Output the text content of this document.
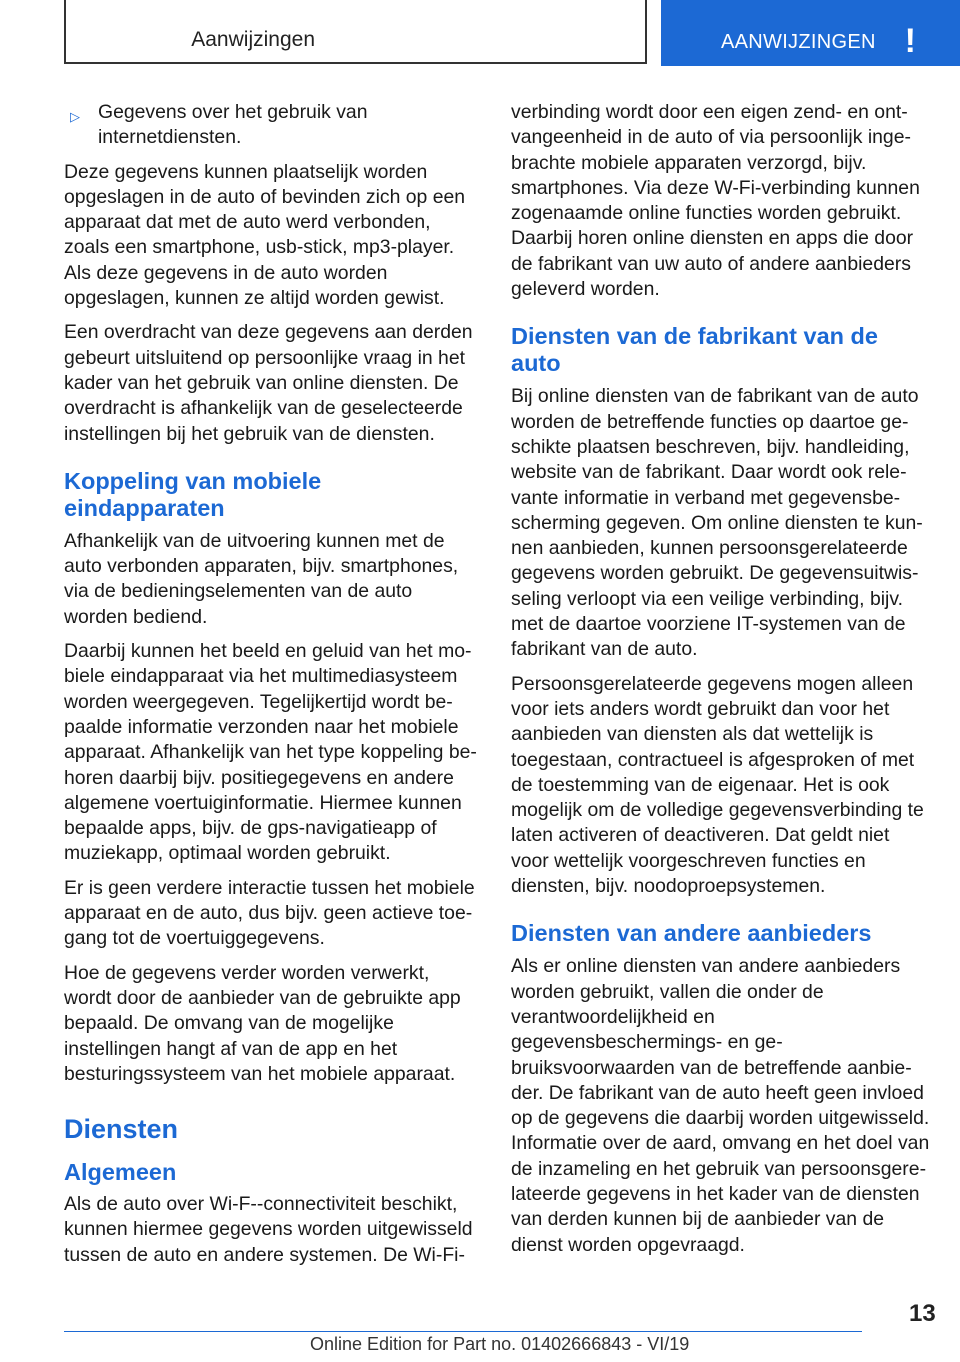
Aanwijzingen	AANWIJZINGEN !
▷ Gegevens over het gebruik van internetdiensten.

Deze gegevens kunnen plaatselijk worden opgeslagen in de auto of bevinden zich op een apparaat dat met de auto werd verbonden, zoals een smartphone, usb-stick, mp3-player. Als deze gegevens in de auto worden opgeslagen, kunnen ze altijd worden gewist.

Een overdracht van deze gegevens aan derden gebeurt uitsluitend op persoonlijke vraag in het kader van het gebruik van online diensten. De overdracht is afhankelijk van de geselecteerde instellingen bij het gebruik van de diensten.

Koppeling van mobiele eindapparaten

Afhankelijk van de uitvoering kunnen met de auto verbonden apparaten, bijv. smartphones, via de bedieningselementen van de auto worden bediend.

Daarbij kunnen het beeld en geluid van het mobiele eindapparaat via het multimediasysteem worden weergegeven. Tegelijkertijd wordt bepaalde informatie verzonden naar het mobiele apparaat. Afhankelijk van het type koppeling behoren daarbij bijv. positiegegevens en andere algemene voertuiginformatie. Hiermee kunnen bepaalde apps, bijv. de gps-navigatieapp of muziekapp, optimaal worden gebruikt.

Er is geen verdere interactie tussen het mobiele apparaat en de auto, dus bijv. geen actieve toegang tot de voertuiggegevens.

Hoe de gegevens verder worden verwerkt, wordt door de aanbieder van de gebruikte app bepaald. De omvang van de mogelijke instellingen hangt af van de app en het besturingssysteem van het mobiele apparaat.

Diensten
Algemeen

Als de auto over Wi-F--connectiviteit beschikt, kunnen hiermee gegevens worden uitgewisseld tussen de auto en andere systemen. De Wi-Fi-

verbinding wordt door een eigen zend- en ontvangeenheid in de auto of via persoonlijk ingebrachte mobiele apparaten verzorgd, bijv. smartphones. Via deze W-Fi-verbinding kunnen zogenaamde online functies worden gebruikt. Daarbij horen online diensten en apps die door de fabrikant van uw auto of andere aanbieders geleverd worden.

Diensten van de fabrikant van de auto

Bij online diensten van de fabrikant van de auto worden de betreffende functies op daartoe geschikte plaatsen beschreven, bijv. handleiding, website van de fabrikant. Daar wordt ook relevante informatie in verband met gegevensbescherming gegeven. Om online diensten te kunnen aanbieden, kunnen persoonsgerelateerde gegevens worden gebruikt. De gegevensuitwisseling verloopt via een veilige verbinding, bijv. met de daartoe voorziene IT-systemen van de fabrikant van de auto.

Persoonsgerelateerde gegevens mogen alleen voor iets anders wordt gebruikt dan voor het aanbieden van diensten als dat wettelijk is toegestaan, contractueel is afgesproken of met de toestemming van de eigenaar. Het is ook mogelijk om de volledige gegevensverbinding te laten activeren of deactiveren. Dat geldt niet voor wettelijk voorgeschreven functies en diensten, bijv. noodoproepsystemen.

Diensten van andere aanbieders

Als er online diensten van andere aanbieders worden gebruikt, vallen die onder de verantwoordelijkheid en gegevensbeschermings- en gebruiksvoorwaarden van de betreffende aanbieder. De fabrikant van de auto heeft geen invloed op de gegevens die daarbij worden uitgewisseld. Informatie over de aard, omvang en het doel van de inzameling en het gebruik van persoonsgerelateerde gegevens in het kader van de diensten van derden kunnen bij de aanbieder van de dienst worden opgevraagd.

13
Online Edition for Part no. 01402666843 - VI/19
